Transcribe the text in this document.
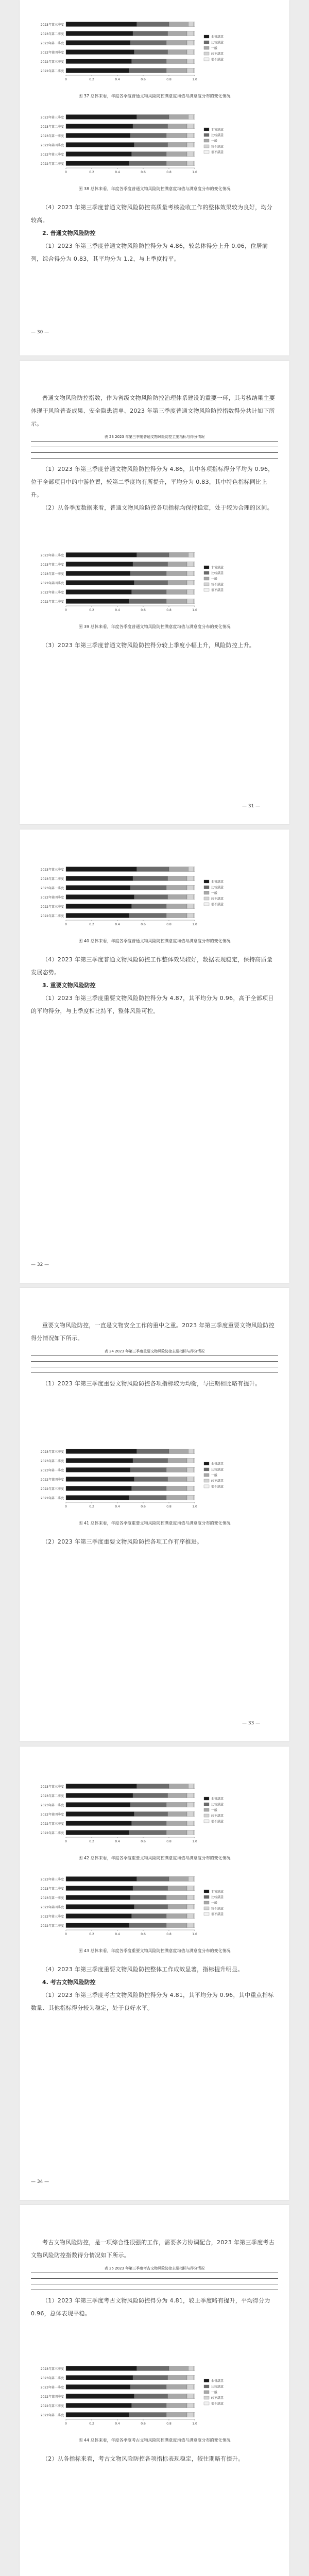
0	0.2	0.4	0.6	0.8	1.0
2023年第三季度
2023年第二季度
2023年第一季度
2022年第四季度
2022年第三季度
2022年第二季度
非常满意
比较满意
一般
较不满意
很不满意
图 37 总体来看，年度各季度普通文物风险防控满意度均值与满意度分布的变化情况
0	0.2	0.4	0.6	0.8	1.0
2023年第三季度
2023年第二季度
2023年第一季度
2022年第四季度
2022年第三季度
2022年第二季度
非常满意
比较满意
一般
较不满意
很不满意
图 38 总体来看，年度各季度普通文物风险防控满意度均值与满意度分布的变化情况

（4）2023 年第三季度普通文物风险防控高质量考核验收工作的整体效果较为良好，均分较高。

2. 普通文物风险防控

（1）2023 年第三季度普通文物风险防控得分为 4.86，较总体得分上升 0.06，位居前列，综合得分为 0.83，其平均分为 1.2，与上季度持平。

— 30 —

普通文物风险防控指数，作为省级文物风险防控治理体系建设的重要一环，其考核结果主要体现于风险普查成果、安全隐患清单、2023 年第三季度普通文物风险防控指数得分共计如下所示。

表 23 2023 年第三季度普通文物风险防控主要指标与得分情况

（1）2023 年第三季度普通文物风险防控得分为 4.86，其中各项指标得分平均为 0.96，位于全部项目中的中游位置，较第二季度均有所提升，平均分为 0.83，其中特色指标同比上升。

（2）从各季度数据来看，普通文物风险防控各项指标均保持稳定，处于较为合理的区间。

0	0.2	0.4	0.6	0.8	1.0
2023年第三季度
2023年第二季度
2023年第一季度
2022年第四季度
2022年第三季度
2022年第二季度
非常满意
比较满意
一般
较不满意
很不满意
图 39 总体来看，年度各季度普通文物风险防控满意度均值与满意度分布的变化情况

（3）2023 年第三季度普通文物风险防控得分较上季度小幅上升，风险防控上升。

— 31 —
0	0.2	0.4	0.6	0.8	1.0
2023年第三季度
2023年第二季度
2023年第一季度
2022年第四季度
2022年第三季度
2022年第二季度
非常满意
比较满意
一般
较不满意
很不满意
图 40 总体来看，年度各季度普通文物风险防控满意度均值与满意度分布的变化情况

（4）2023 年第三季度普通文物风险防控工作整体效果较好，数据表现稳定，保持高质量发展态势。

3. 重要文物风险防控

（1）2023 年第三季度重要文物风险防控得分为 4.87，其平均分为 0.96，高于全部项目的平均得分，与上季度相比持平，整体风险可控。

— 32 —

重要文物风险防控，一直是文物安全工作的重中之重。2023 年第三季度重要文物风险防控得分情况如下所示。

表 24 2023 年第三季度重要文物风险防控主要指标与得分情况

（1）2023 年第三季度重要文物风险防控各项指标较为均衡，与往期相比略有提升。

0	0.2	0.4	0.6	0.8	1.0
2023年第三季度
2023年第二季度
2023年第一季度
2022年第四季度
2022年第三季度
2022年第二季度
非常满意
比较满意
一般
较不满意
很不满意
图 41 总体来看，年度各季度重要文物风险防控满意度均值与满意度分布的变化情况

（2）2023 年第三季度重要文物风险防控各项工作有序推进。

— 33 —
0	0.2	0.4	0.6	0.8	1.0
2023年第三季度
2023年第二季度
2023年第一季度
2022年第四季度
2022年第三季度
2022年第二季度
非常满意
比较满意
一般
较不满意
很不满意
图 42 总体来看，年度各季度重要文物风险防控满意度均值与满意度分布的变化情况
0	0.2	0.4	0.6	0.8	1.0
2023年第三季度
2023年第二季度
2023年第一季度
2022年第四季度
2022年第三季度
2022年第二季度
非常满意
比较满意
一般
较不满意
很不满意
图 43 总体来看，年度各季度重要文物风险防控满意度均值与满意度分布的变化情况

（4）2023 年第三季度重要文物风险防控整体工作成效显著，指标提升明显。

4. 考古文物风险防控

（1）2023 年第三季度考古文物风险防控得分为 4.81，其平均分为 0.96，其中重点指标数量、其他指标得分较为稳定，处于良好水平。

— 34 —

考古文物风险防控，是一项综合性很强的工作，需要多方协调配合，2023 年第三季度考古文物风险防控指数得分情况如下所示。

表 25 2023 年第三季度考古文物风险防控主要指标与得分情况

（1）2023 年第三季度考古文物风险防控得分为 4.81，较上季度略有提升，平均得分为 0.96，总体表现平稳。

0	0.2	0.4	0.6	0.8	1.0
2023年第三季度
2023年第二季度
2023年第一季度
2022年第四季度
2022年第三季度
2022年第二季度
非常满意
比较满意
一般
较不满意
很不满意
图 44 总体来看，年度各季度考古文物风险防控满意度均值与满意度分布的变化情况

（2）从各指标来看，考古文物风险防控各项指标表现稳定，较往期略有提升。
